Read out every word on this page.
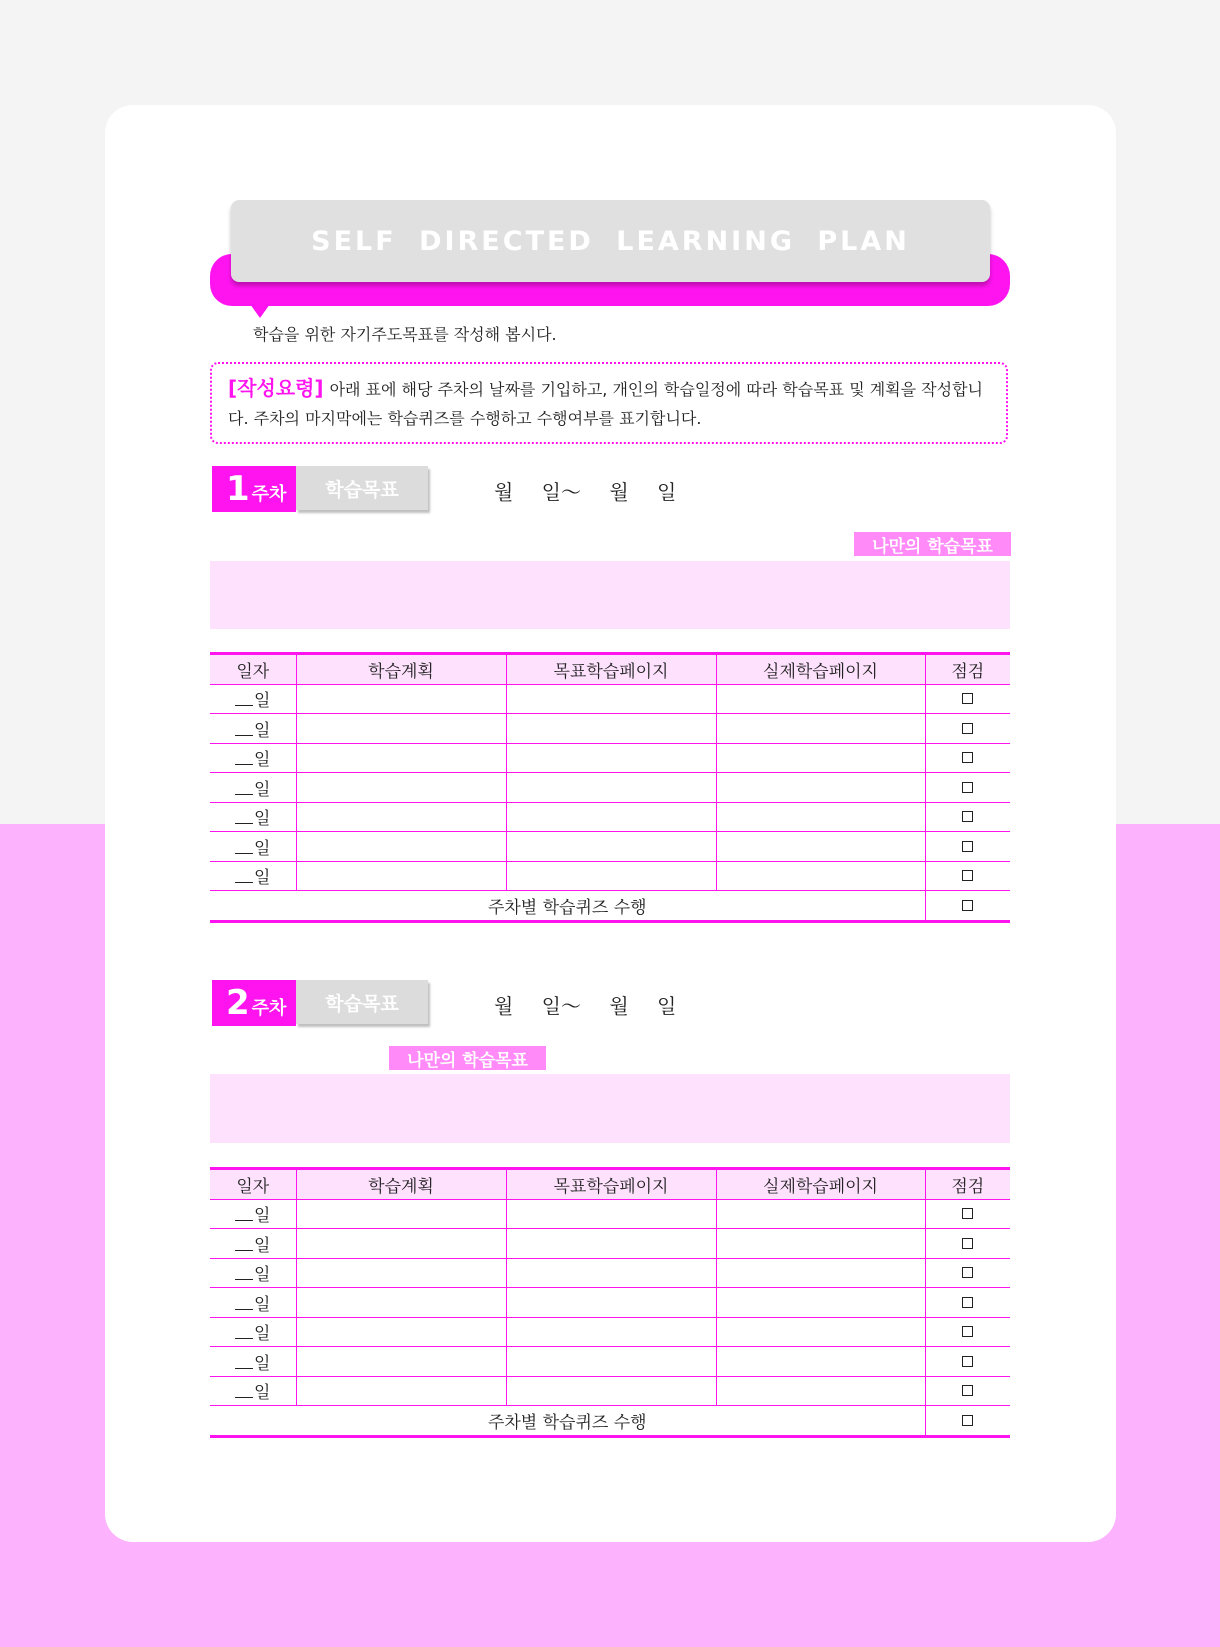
SELF DIRECTED LEARNING PLAN
학습을 위한 자기주도목표를 작성해 봅시다.
[작성요령] 아래 표에 해당 주차의 날짜를 기입하고, 개인의 학습일정에 따라 학습목표 및 계획을 작성합니다. 주차의 마지막에는 학습퀴즈를 수행하고 수행여부를 표기합니다.
1 주차	학습목표	월 일～ 월 일
나만의 학습목표
일자	학습계획	목표학습페이지	실제학습페이지	점검
일				
일				
일				
일				
일				
일				
일				
주차별 학습퀴즈 수행				
2 주차	학습목표	월 일～ 월 일
나만의 학습목표
일자	학습계획	목표학습페이지	실제학습페이지	점검
일				
일				
일				
일				
일				
일				
일				
주차별 학습퀴즈 수행				
